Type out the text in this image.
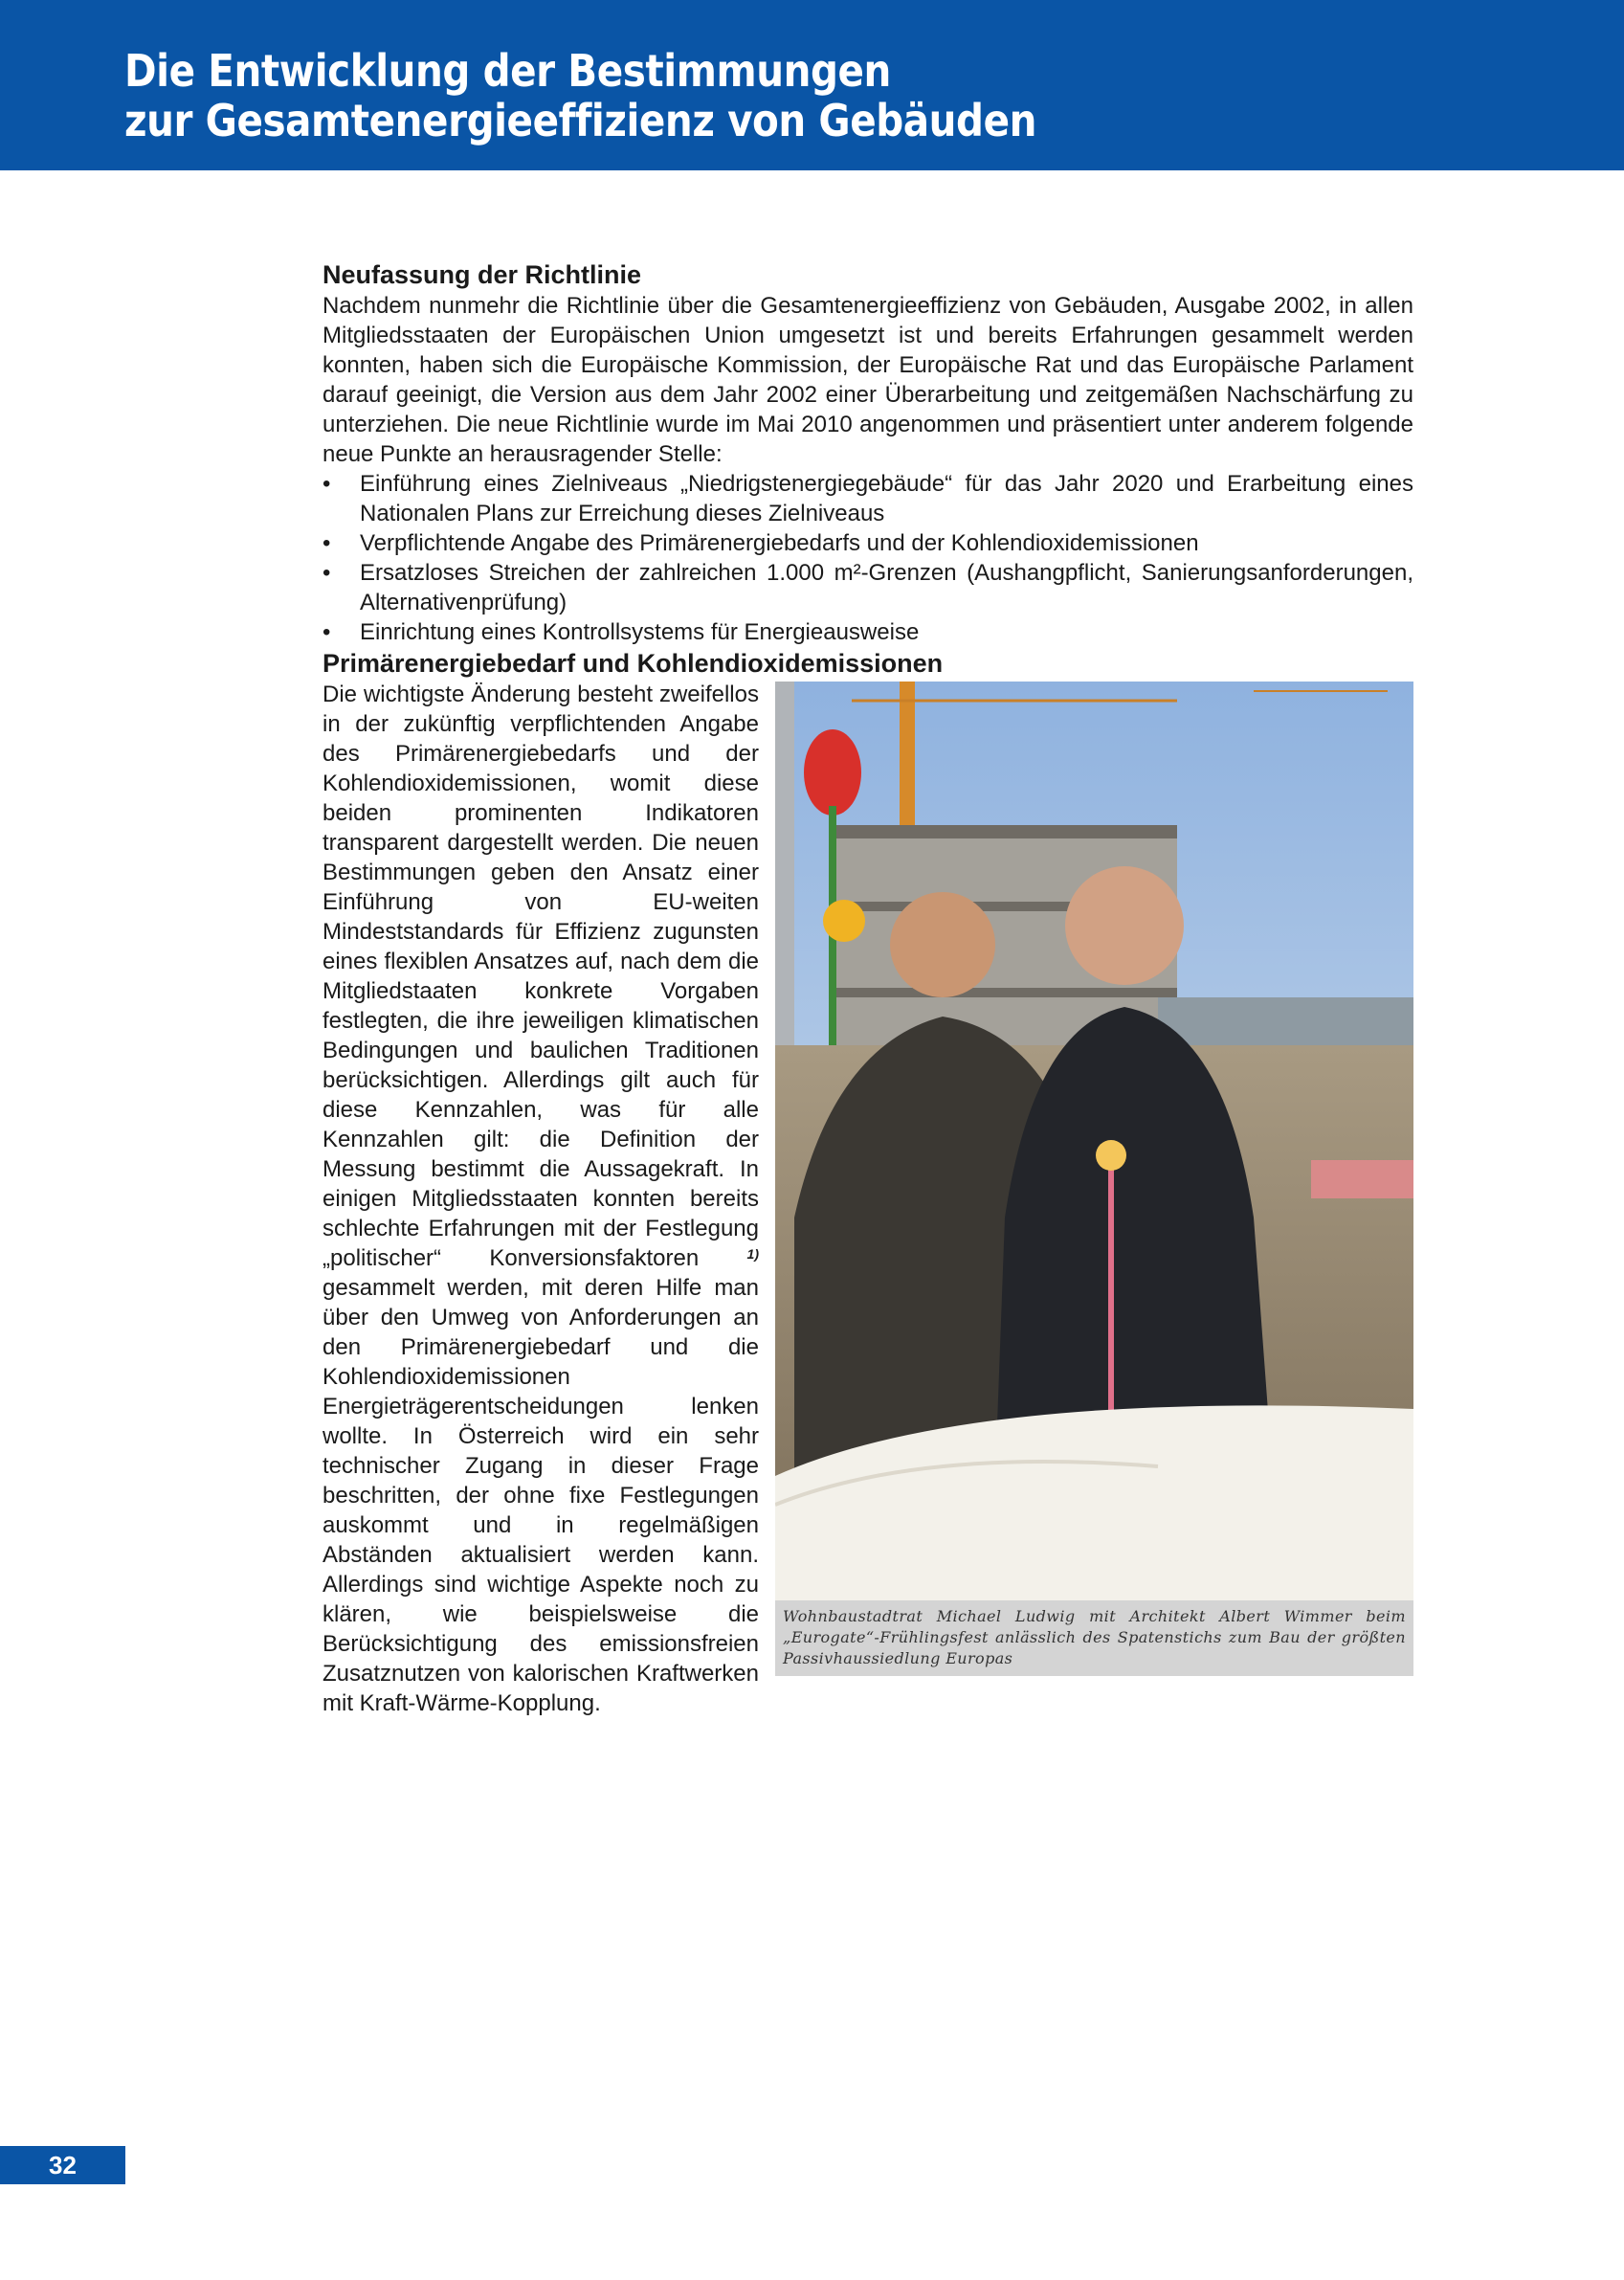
Die Entwicklung der Bestimmungen
zur Gesamtenergieeffizienz von Gebäuden
Neufassung der Richtlinie

Nachdem nunmehr die Richtlinie über die Gesamtenergieeffizienz von Gebäuden, Ausgabe 2002, in allen Mitgliedsstaaten der Europäischen Union umgesetzt ist und bereits Erfahrungen gesammelt werden konnten, haben sich die Europäische Kommission, der Europäische Rat und das Europäische Parlament darauf geeinigt, die Version aus dem Jahr 2002 einer Überarbeitung und zeitgemäßen Nachschärfung zu unterziehen. Die neue Richtlinie wurde im Mai 2010 angenommen und präsentiert unter anderem folgende neue Punkte an herausragender Stelle:

• Einführung eines Zielniveaus „Niedrigstenergiegebäude“ für das Jahr 2020 und Erarbeitung eines Nationalen Plans zur Erreichung dieses Zielniveaus
• Verpflichtende Angabe des Primärenergiebedarfs und der Kohlendioxidemissionen
• Ersatzloses Streichen der zahlreichen 1.000 m²-Grenzen (Aushangpflicht, Sanierungsanforderungen, Alternativenprüfung)
• Einrichtung eines Kontrollsystems für Energieausweise
Primärenergiebedarf und Kohlendioxidemissionen

Die wichtigste Änderung besteht zweifellos in der zukünftig verpflichtenden Angabe des Primärenergiebedarfs und der Kohlendioxidemissionen, womit diese beiden prominenten Indikatoren transparent dargestellt werden. Die neuen Bestimmungen geben den Ansatz einer Einführung von EU-weiten Mindeststandards für Effizienz zugunsten eines flexiblen Ansatzes auf, nach dem die Mitgliedstaaten konkrete Vorgaben festlegten, die ihre jeweiligen klimatischen Bedingungen und baulichen Traditionen berücksichtigen. Allerdings gilt auch für diese Kennzahlen, was für alle Kennzahlen gilt: die Definition der Messung bestimmt die Aussagekraft. In einigen Mitgliedsstaaten konnten bereits schlechte Erfahrungen mit der Festlegung „politischer“ Konversionsfaktoren	$^{1)}$ gesammelt werden, mit deren Hilfe man über den Umweg von Anforderungen an den Primärenergiebedarf und die Kohlendioxidemissionen Energieträgerentscheidungen lenken wollte. In Österreich wird ein sehr technischer Zugang in dieser Frage beschritten, der ohne fixe Festlegungen auskommt und in regelmäßigen Abständen aktualisiert werden kann. Allerdings sind wichtige Aspekte noch zu klären, wie beispielsweise die Berücksichtigung des emissionsfreien Zusatznutzen von kalorischen Kraftwerken mit Kraft-Wärme-Kopplung.

Wohnbaustadtrat Michael Ludwig mit Architekt Albert Wimmer beim „Eurogate“-Frühlingsfest anlässlich des Spatenstichs zum Bau der größten Passivhaussiedlung Europas
32
